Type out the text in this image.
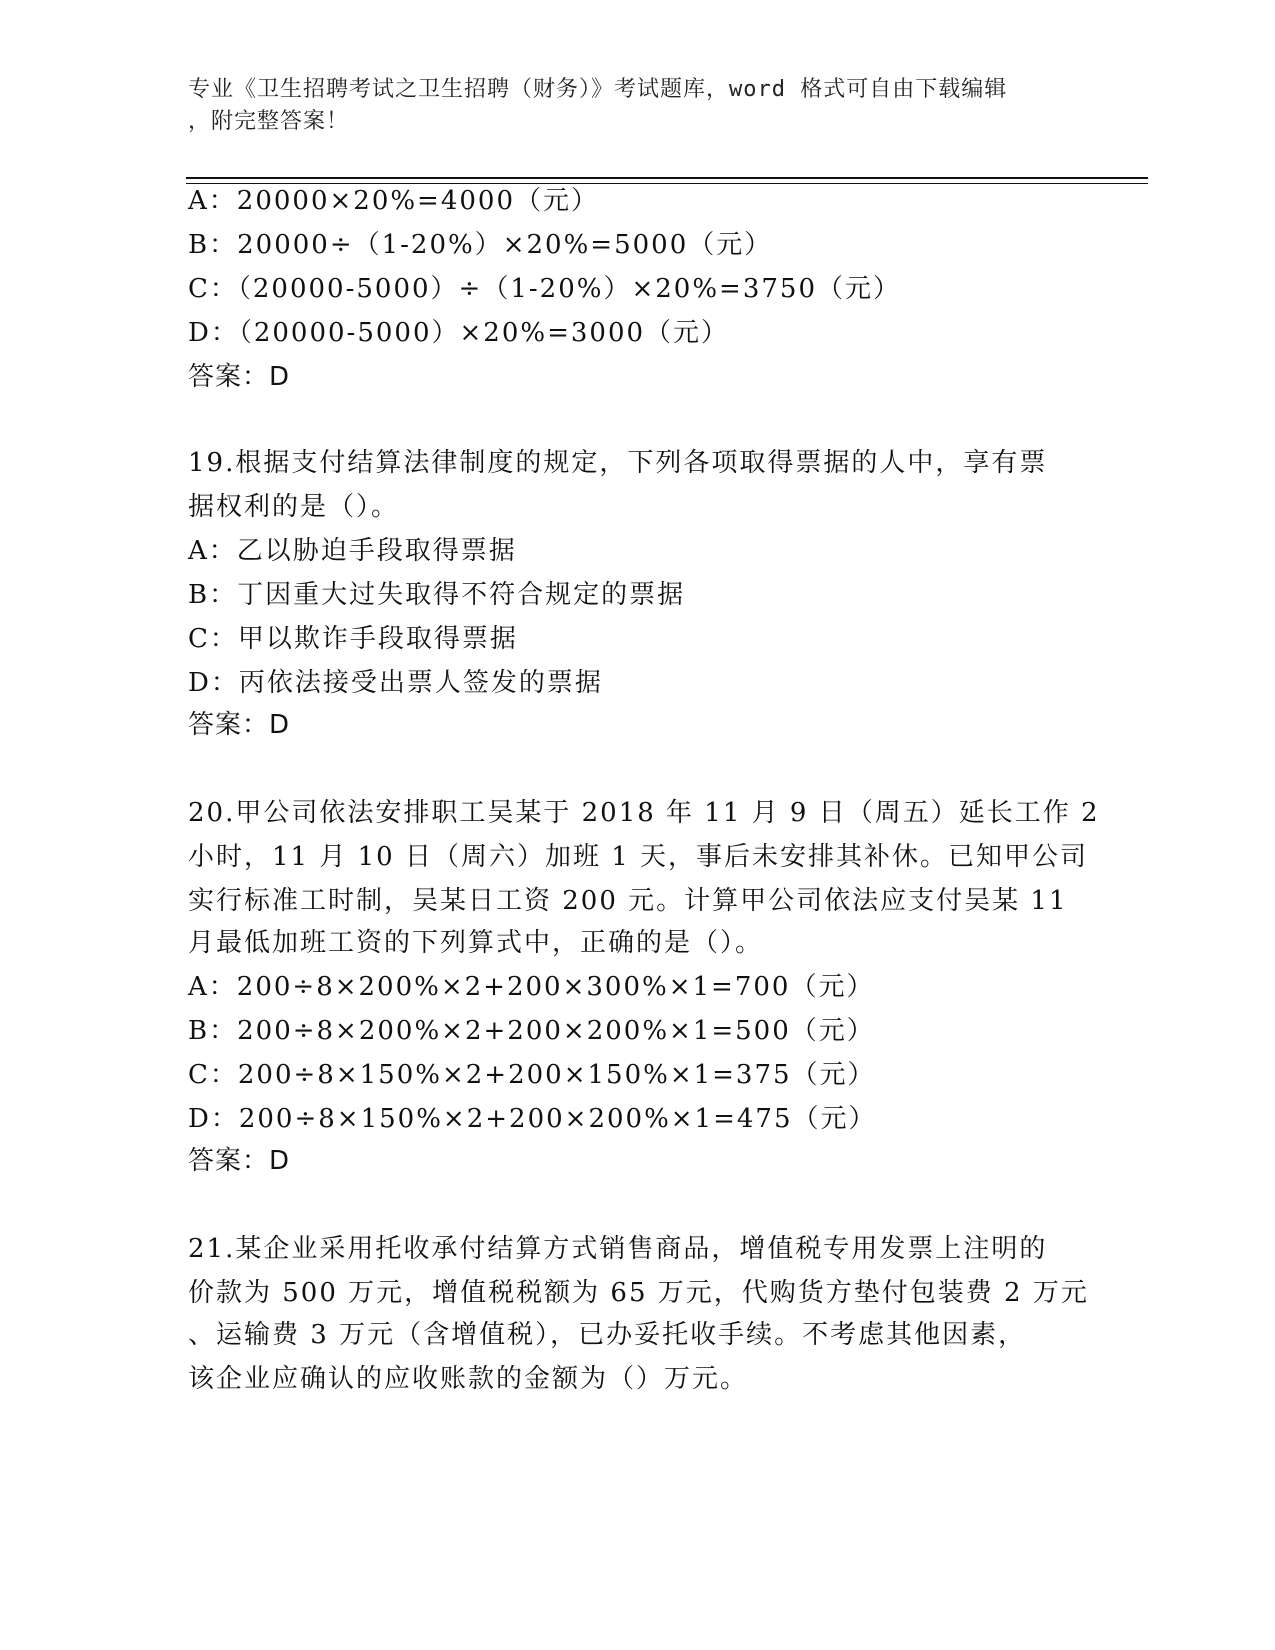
专业《卫生招聘考试之卫生招聘（财务）》考试题库，word 格式可自由下载编辑
，附完整答案！
A：20000×20%=4000（元）
B：20000÷（1-20%）×20%=5000（元）
C：（20000-5000）÷（1-20%）×20%=3750（元）
D：（20000-5000）×20%=3000（元）
答案：D
19.根据支付结算法律制度的规定，下列各项取得票据的人中，享有票
据权利的是（）。
A：乙以胁迫手段取得票据
B：丁因重大过失取得不符合规定的票据
C：甲以欺诈手段取得票据
D：丙依法接受出票人签发的票据
答案：D
20.甲公司依法安排职工吴某于 2018 年 11 月 9 日（周五）延长工作 2
小时，11 月 10 日（周六）加班 1 天，事后未安排其补休。已知甲公司
实行标准工时制，吴某日工资 200 元。计算甲公司依法应支付吴某 11
月最低加班工资的下列算式中，正确的是（）。
A：200÷8×200%×2+200×300%×1=700（元）
B：200÷8×200%×2+200×200%×1=500（元）
C：200÷8×150%×2+200×150%×1=375（元）
D：200÷8×150%×2+200×200%×1=475（元）
答案：D
21.某企业采用托收承付结算方式销售商品，增值税专用发票上注明的
价款为 500 万元，增值税税额为 65 万元，代购货方垫付包装费 2 万元
、运输费 3 万元（含增值税），已办妥托收手续。不考虑其他因素，
该企业应确认的应收账款的金额为（）万元。
